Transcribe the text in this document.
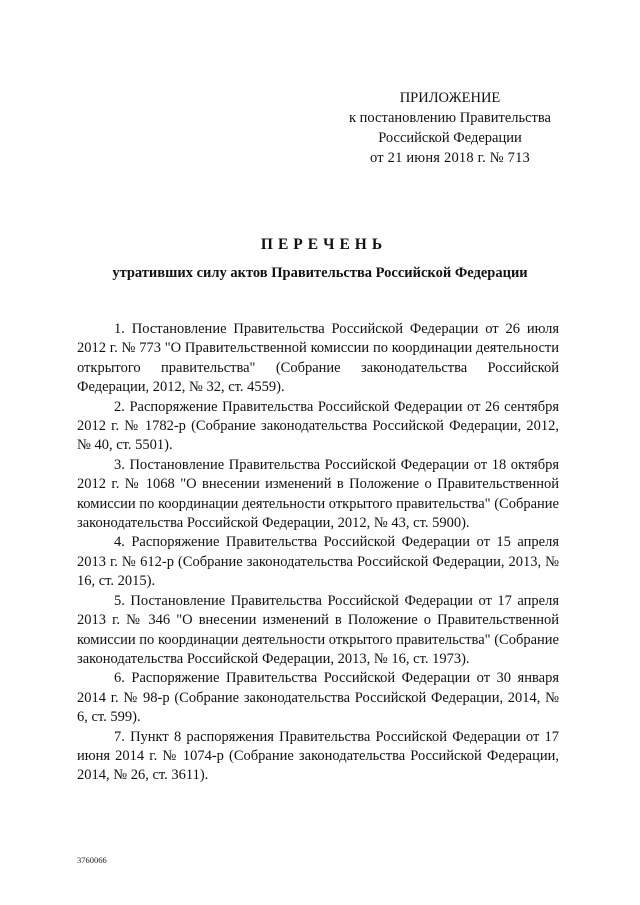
ПРИЛОЖЕНИЕ
к постановлению Правительства
Российской Федерации
от 21 июня 2018 г. № 713
ПЕРЕЧЕНЬ
утративших силу актов Правительства Российской Федерации

1. Постановление Правительства Российской Федерации от 26 июля 2012 г. № 773 "О Правительственной комиссии по координации деятельности открытого правительства" (Собрание законодательства Российской Федерации, 2012, № 32, ст. 4559).

2. Распоряжение Правительства Российской Федерации от 26 сентября 2012 г. № 1782-р (Собрание законодательства Российской Федерации, 2012, № 40, ст. 5501).

3. Постановление Правительства Российской Федерации от 18 октября 2012 г. № 1068 "О внесении изменений в Положение о Правительственной комиссии по координации деятельности открытого правительства" (Собрание законодательства Российской Федерации, 2012, № 43, ст. 5900).

4. Распоряжение Правительства Российской Федерации от 15 апреля 2013 г. № 612-р (Собрание законодательства Российской Федерации, 2013, № 16, ст. 2015).

5. Постановление Правительства Российской Федерации от 17 апреля 2013 г. № 346 "О внесении изменений в Положение о Правительственной комиссии по координации деятельности открытого правительства" (Собрание законодательства Российской Федерации, 2013, № 16, ст. 1973).

6. Распоряжение Правительства Российской Федерации от 30 января 2014 г. № 98-р (Собрание законодательства Российской Федерации, 2014, № 6, ст. 599).

7. Пункт 8 распоряжения Правительства Российской Федерации от 17 июня 2014 г. № 1074-р (Собрание законодательства Российской Федерации, 2014, № 26, ст. 3611).

3760066
